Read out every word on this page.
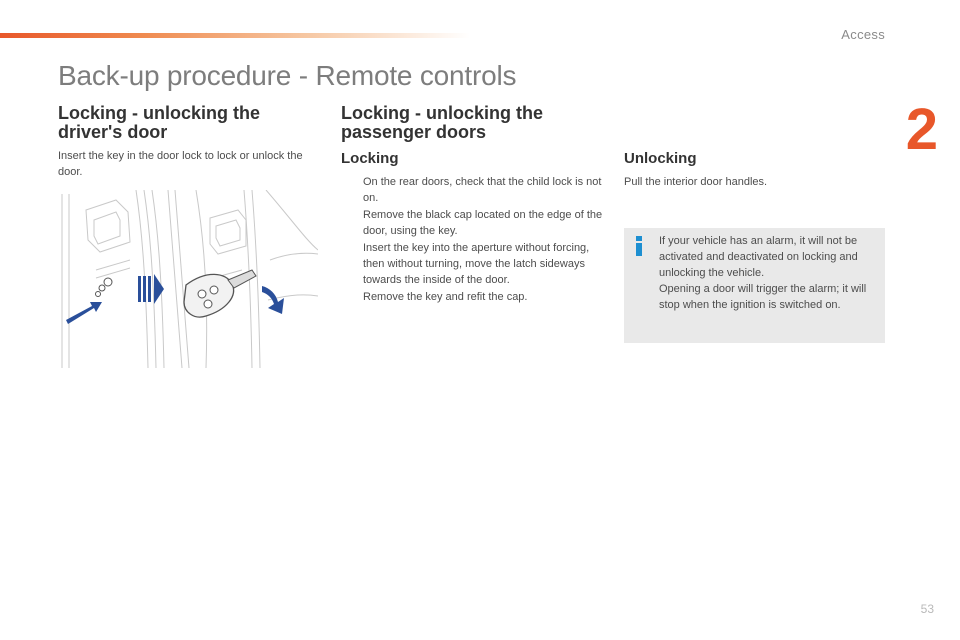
Access
2
Back-up procedure - Remote controls
Locking - unlocking the
driver's door

Insert the key in the door lock to lock or unlock the door.

Locking - unlocking the
passenger doors
Locking
On the rear doors, check that the child lock is not on.
Remove the black cap located on the edge of the door, using the key.
Insert the key into the aperture without forcing, then without turning, move the latch sideways towards the inside of the door.
Remove the key and refit the cap.
Unlocking

Pull the interior door handles.

If your vehicle has an alarm, it will not be activated and deactivated on locking and unlocking the vehicle.
Opening a door will trigger the alarm; it will stop when the ignition is switched on.

53
